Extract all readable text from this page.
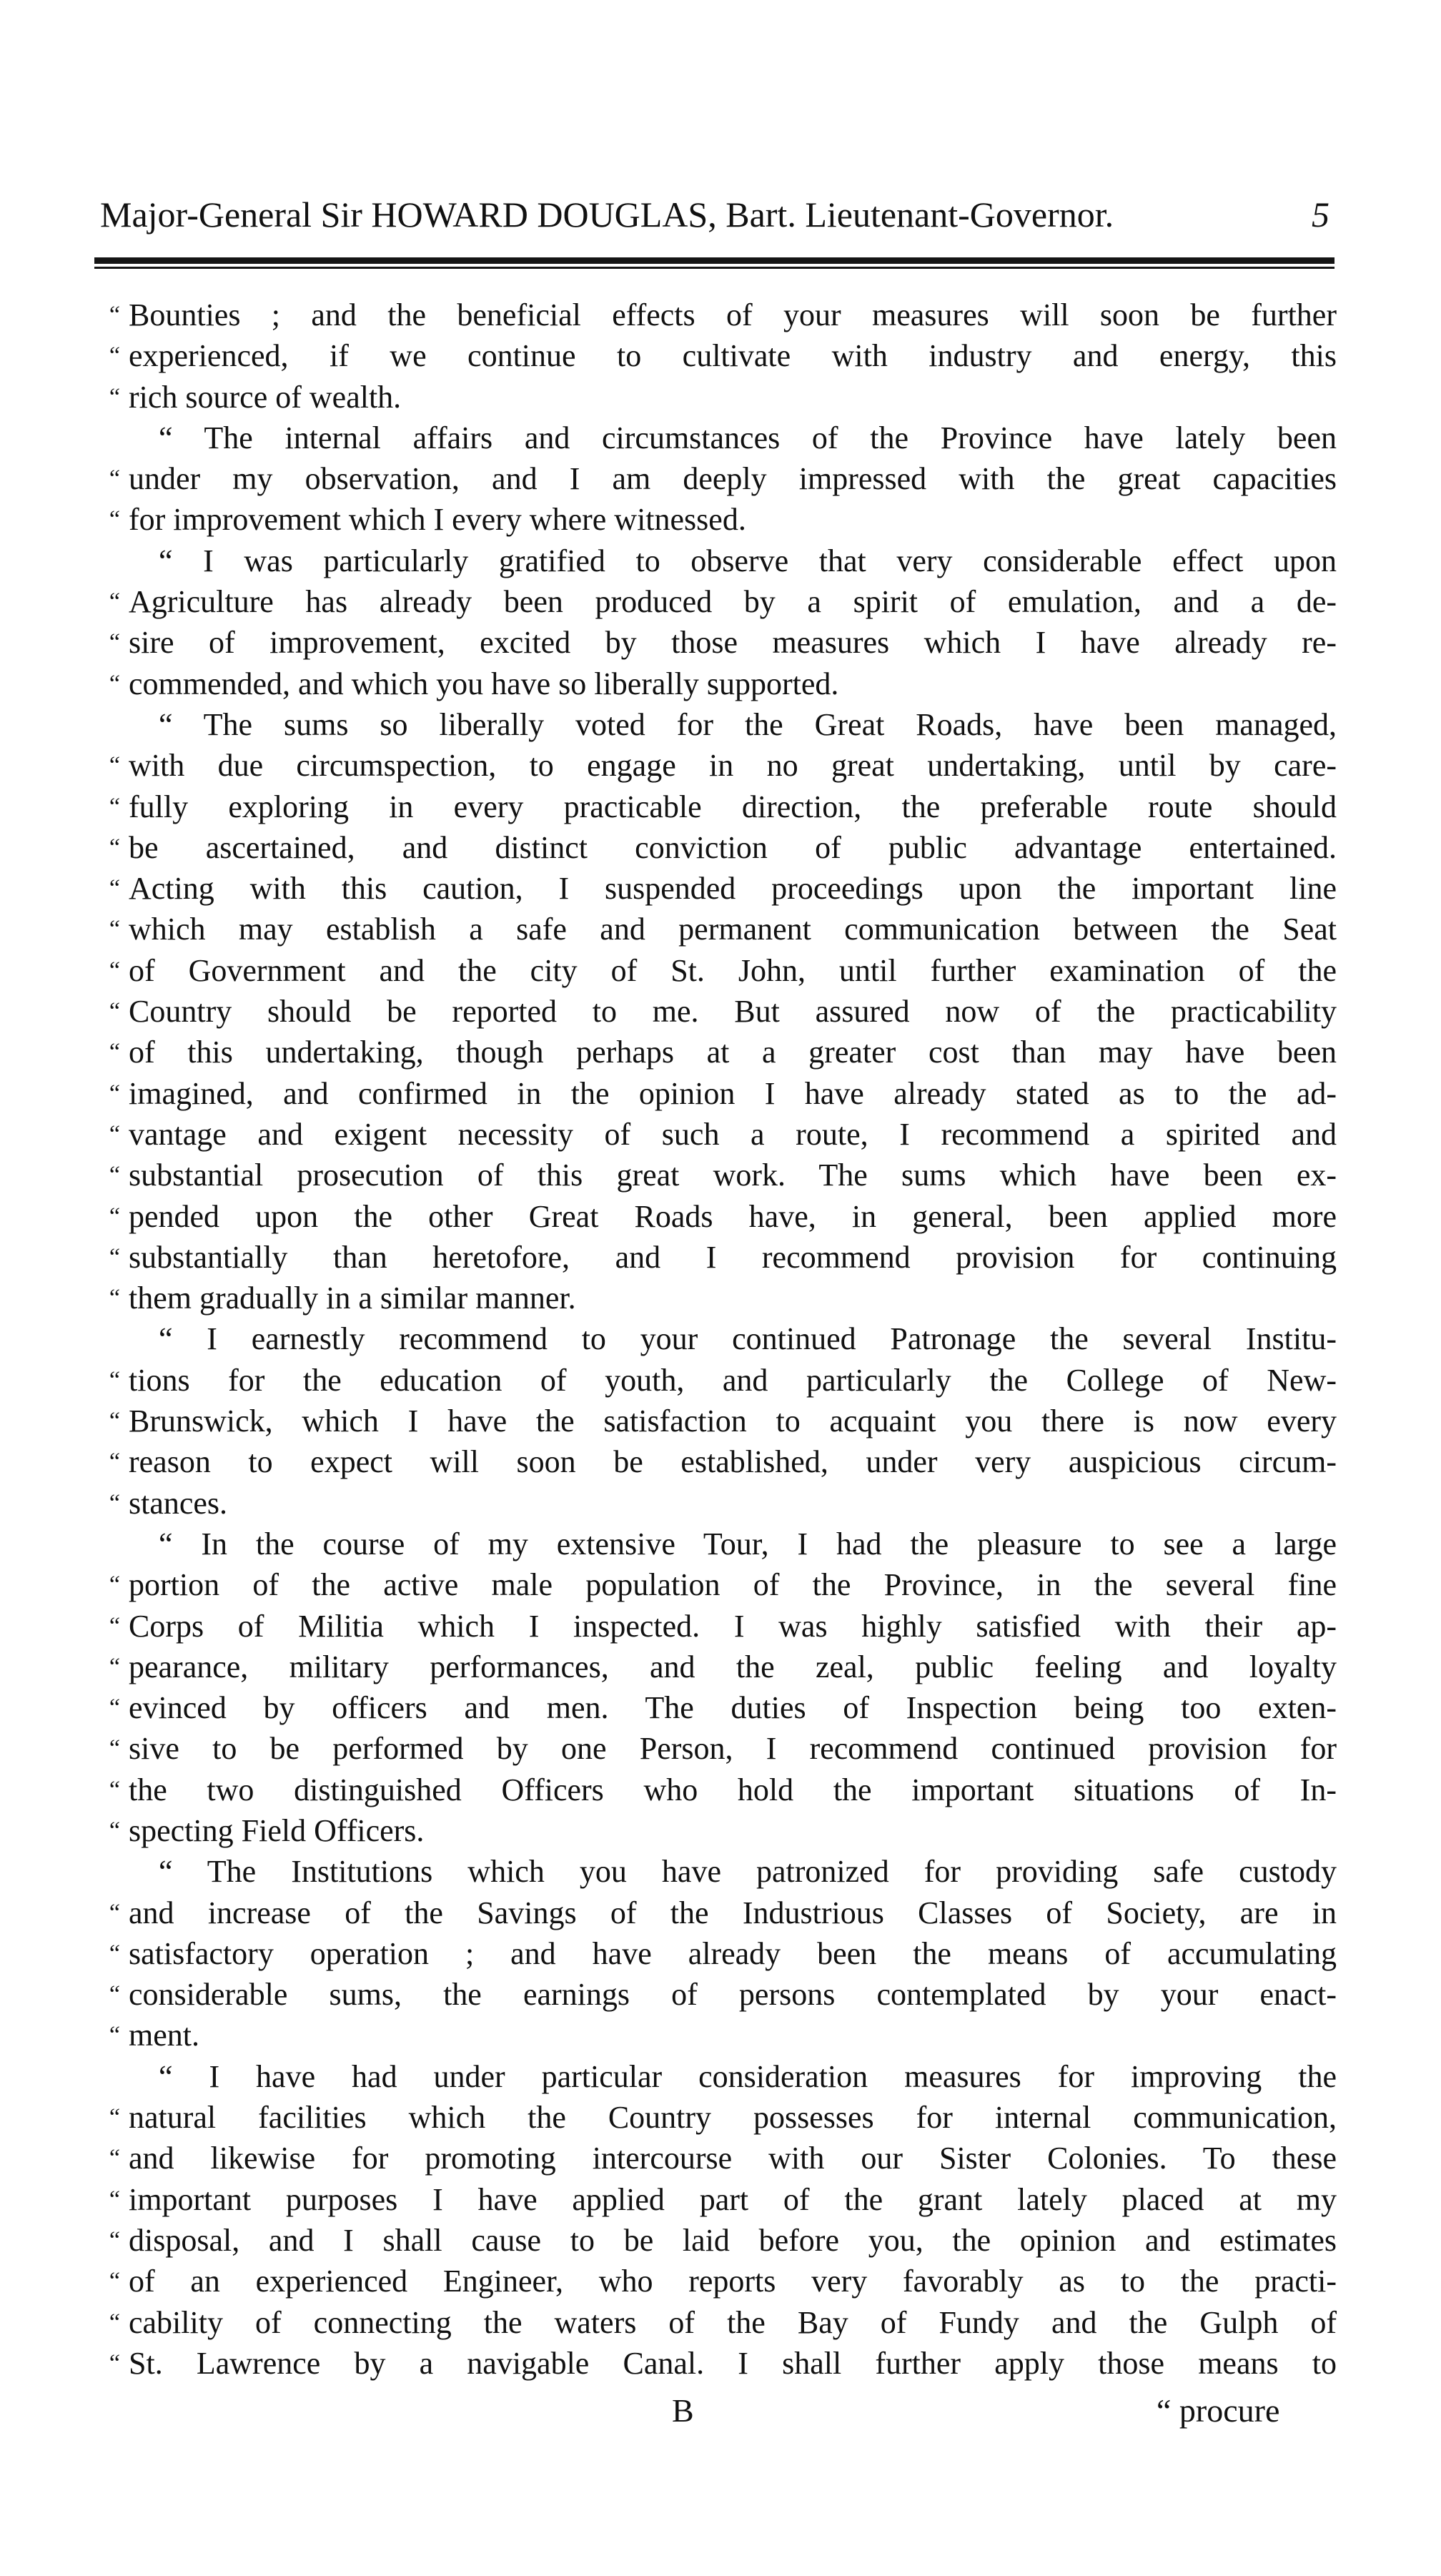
Major-General Sir HOWARD DOUGLAS, Bart. Lieutenant-Governor.	5
“ Bounties ; and the beneficial effects of your measures will soon be further
“ experienced, if we continue to cultivate with industry and energy, this
“ rich source of wealth.
“ The internal affairs and circumstances of the Province have lately been
“ under my observation, and I am deeply impressed with the great capacities
“ for improvement which I every where witnessed.
“ I was particularly gratified to observe that very considerable effect upon
“ Agriculture has already been produced by a spirit of emulation, and a de-
“ sire of improvement, excited by those measures which I have already re-
“ commended, and which you have so liberally supported.
“ The sums so liberally voted for the Great Roads, have been managed,
“ with due circumspection, to engage in no great undertaking, until by care-
“ fully exploring in every practicable direction, the preferable route should
“ be ascertained, and distinct conviction of public advantage entertained.
“ Acting with this caution, I suspended proceedings upon the important line
“ which may establish a safe and permanent communication between the Seat
“ of Government and the city of St. John, until further examination of the
“ Country should be reported to me. But assured now of the practicability
“ of this undertaking, though perhaps at a greater cost than may have been
“ imagined, and confirmed in the opinion I have already stated as to the ad-
“ vantage and exigent necessity of such a route, I recommend a spirited and
“ substantial prosecution of this great work. The sums which have been ex-
“ pended upon the other Great Roads have, in general, been applied more
“ substantially than heretofore, and I recommend provision for continuing
“ them gradually in a similar manner.
“ I earnestly recommend to your continued Patronage the several Institu-
“ tions for the education of youth, and particularly the College of New-
“ Brunswick, which I have the satisfaction to acquaint you there is now every
“ reason to expect will soon be established, under very auspicious circum-
“ stances.
“ In the course of my extensive Tour, I had the pleasure to see a large
“ portion of the active male population of the Province, in the several fine
“ Corps of Militia which I inspected. I was highly satisfied with their ap-
“ pearance, military performances, and the zeal, public feeling and loyalty
“ evinced by officers and men. The duties of Inspection being too exten-
“ sive to be performed by one Person, I recommend continued provision for
“ the two distinguished Officers who hold the important situations of In-
“ specting Field Officers.
“ The Institutions which you have patronized for providing safe custody
“ and increase of the Savings of the Industrious Classes of Society, are in
“ satisfactory operation ; and have already been the means of accumulating
“ considerable sums, the earnings of persons contemplated by your enact-
“ ment.
“ I have had under particular consideration measures for improving the
“ natural facilities which the Country possesses for internal communication,
“ and likewise for promoting intercourse with our Sister Colonies. To these
“ important purposes I have applied part of the grant lately placed at my
“ disposal, and I shall cause to be laid before you, the opinion and estimates
“ of an experienced Engineer, who reports very favorably as to the practi-
“ cability of connecting the waters of the Bay of Fundy and the Gulph of
“ St. Lawrence by a navigable Canal. I shall further apply those means to
B	“ procure
